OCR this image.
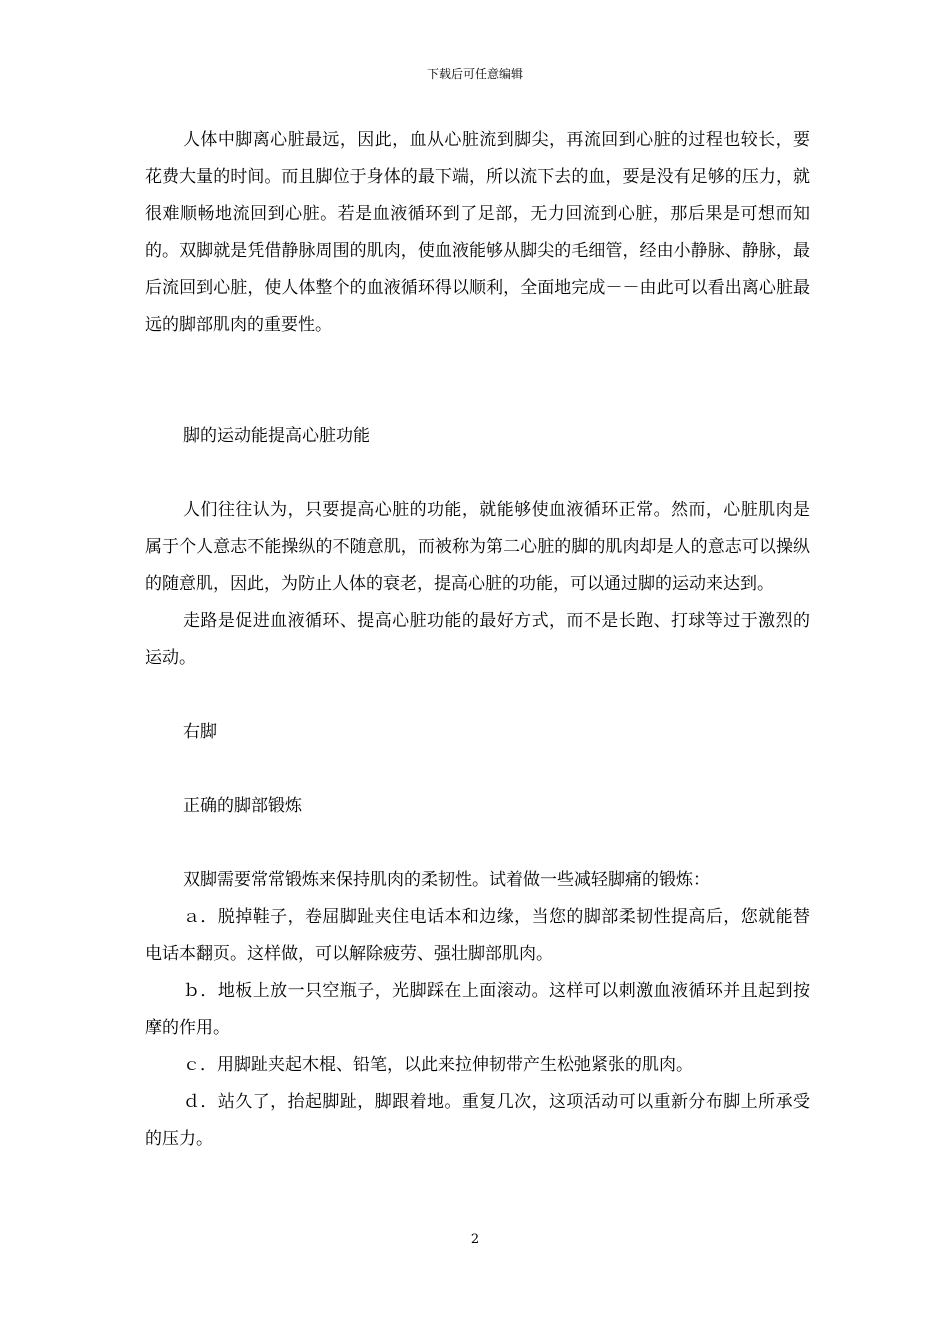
下载后可任意编辑

人体中脚离心脏最远，因此，血从心脏流到脚尖，再流回到心脏的过程也较长，要花费大量的时间。而且脚位于身体的最下端，所以流下去的血，要是没有足够的压力，就很难顺畅地流回到心脏。若是血液循环到了足部，无力回流到心脏，那后果是可想而知的。双脚就是凭借静脉周围的肌肉，使血液能够从脚尖的毛细管，经由小静脉、静脉，最后流回到心脏，使人体整个的血液循环得以顺利，全面地完成－－由此可以看出离心脏最远的脚部肌肉的重要性。

脚的运动能提高心脏功能

人们往往认为，只要提高心脏的功能，就能够使血液循环正常。然而，心脏肌肉是属于个人意志不能操纵的不随意肌，而被称为第二心脏的脚的肌肉却是人的意志可以操纵的随意肌，因此，为防止人体的衰老，提高心脏的功能，可以通过脚的运动来达到。

走路是促进血液循环、提高心脏功能的最好方式，而不是长跑、打球等过于激烈的运动。

右脚

正确的脚部锻炼

双脚需要常常锻炼来保持肌肉的柔韧性。试着做一些减轻脚痛的锻炼：

ａ．脱掉鞋子，卷屈脚趾夹住电话本和边缘，当您的脚部柔韧性提高后，您就能替电话本翻页。这样做，可以解除疲劳、强壮脚部肌肉。

ｂ．地板上放一只空瓶子，光脚踩在上面滚动。这样可以刺激血液循环并且起到按摩的作用。

ｃ．用脚趾夹起木棍、铅笔，以此来拉伸韧带产生松弛紧张的肌肉。

ｄ．站久了，抬起脚趾，脚跟着地。重复几次，这项活动可以重新分布脚上所承受的压力。

2
